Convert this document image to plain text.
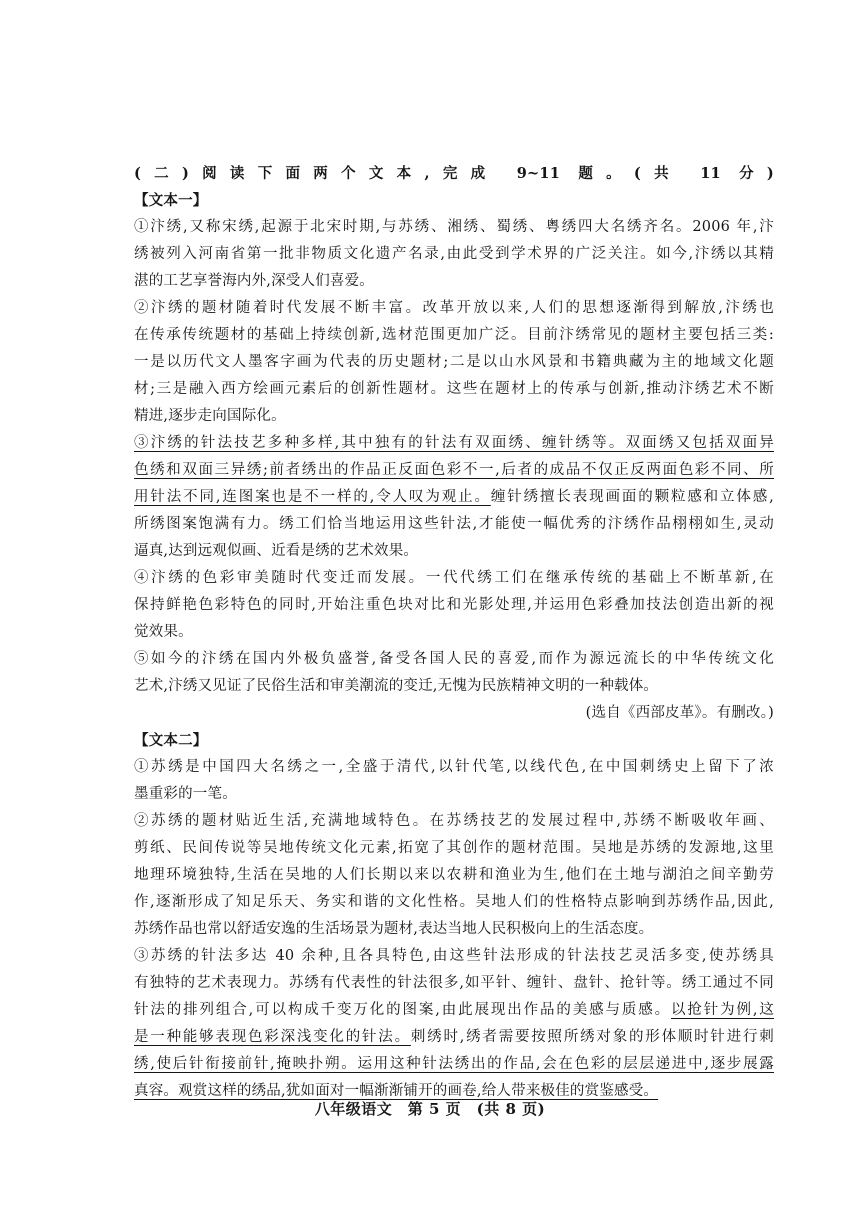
(二)阅读下面两个文本,完成 9~11 题。(共 11 分)
【文本一】
①汴绣,又称宋绣,起源于北宋时期,与苏绣、湘绣、蜀绣、粤绣四大名绣齐名。2006 年,汴
绣被列入河南省第一批非物质文化遗产名录,由此受到学术界的广泛关注。如今,汴绣以其精
湛的工艺享誉海内外,深受人们喜爱。
②汴绣的题材随着时代发展不断丰富。改革开放以来,人们的思想逐渐得到解放,汴绣也
在传承传统题材的基础上持续创新,选材范围更加广泛。目前汴绣常见的题材主要包括三类:
一是以历代文人墨客字画为代表的历史题材;二是以山水风景和书籍典藏为主的地域文化题
材;三是融入西方绘画元素后的创新性题材。这些在题材上的传承与创新,推动汴绣艺术不断
精进,逐步走向国际化。
③汴绣的针法技艺多种多样,其中独有的针法有双面绣、缠针绣等。双面绣又包括双面异
色绣和双面三异绣;前者绣出的作品正反面色彩不一,后者的成品不仅正反两面色彩不同、所
用针法不同,连图案也是不一样的,令人叹为观止。缠针绣擅长表现画面的颗粒感和立体感,
所绣图案饱满有力。绣工们恰当地运用这些针法,才能使一幅优秀的汴绣作品栩栩如生,灵动
逼真,达到远观似画、近看是绣的艺术效果。
④汴绣的色彩审美随时代变迁而发展。一代代绣工们在继承传统的基础上不断革新,在
保持鲜艳色彩特色的同时,开始注重色块对比和光影处理,并运用色彩叠加技法创造出新的视
觉效果。
⑤如今的汴绣在国内外极负盛誉,备受各国人民的喜爱,而作为源远流长的中华传统文化
艺术,汴绣又见证了民俗生活和审美潮流的变迁,无愧为民族精神文明的一种载体。
(选自《西部皮革》。有删改。)
【文本二】
①苏绣是中国四大名绣之一,全盛于清代,以针代笔,以线代色,在中国刺绣史上留下了浓
墨重彩的一笔。
②苏绣的题材贴近生活,充满地域特色。在苏绣技艺的发展过程中,苏绣不断吸收年画、
剪纸、民间传说等吴地传统文化元素,拓宽了其创作的题材范围。吴地是苏绣的发源地,这里
地理环境独特,生活在吴地的人们长期以来以农耕和渔业为生,他们在土地与湖泊之间辛勤劳
作,逐渐形成了知足乐天、务实和谐的文化性格。吴地人们的性格特点影响到苏绣作品,因此,
苏绣作品也常以舒适安逸的生活场景为题材,表达当地人民积极向上的生活态度。
③苏绣的针法多达 40 余种,且各具特色,由这些针法形成的针法技艺灵活多变,使苏绣具
有独特的艺术表现力。苏绣有代表性的针法很多,如平针、缠针、盘针、抢针等。绣工通过不同
针法的排列组合,可以构成千变万化的图案,由此展现出作品的美感与质感。以抢针为例,这
是一种能够表现色彩深浅变化的针法。刺绣时,绣者需要按照所绣对象的形体顺时针进行刺
绣,使后针衔接前针,掩映扑朔。运用这种针法绣出的作品,会在色彩的层层递进中,逐步展露
真容。观赏这样的绣品,犹如面对一幅渐渐铺开的画卷,给人带来极佳的赏鉴感受。
八年级语文　第 5 页　(共 8 页)
